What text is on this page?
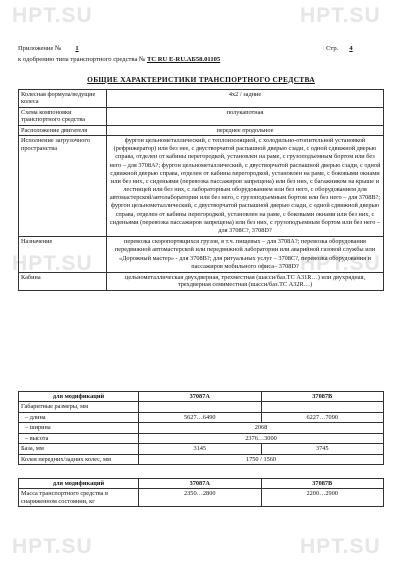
HPT.SU	HPT.SU
HPT.SU	HPT.SU
HPT.SU	HPT.SU
Приложение № 1	Стр. 4
к одобрению типа транспортного средства № ТС RU E-RU.АБ58.01105
ОБЩИЕ ХАРАКТЕРИСТИКИ ТРАНСПОРТНОГО СРЕДСТВА
Колесная формула/ведущие колеса	4x2 / задние
Схема компоновки транспортного средства	полукапотная
Расположение двигателя	переднее продольное
Исполнение загрузочного пространства	фургон цельнометаллический, с теплоизоляцией, с холодильно-отопительной установкой (рефрижератор) или без нее, с двустворчатой распашной дверью сзади, с одной сдвижной дверью справа, отделен от кабины перегородкой, установлен на раме, с грузоподъемным бортом или без него – для 3708А?; фургон цельнометаллический, с двустворчатой распашной дверью сзади, с одной сдвижной дверью справа, отделен от кабины перегородкой, установлен на раме, с боковыми окнами или без них, с сиденьями (перевозка пассажиров запрещена) или без них, с багажником на крыше и лестницей или без них, с лабораторным оборудованием или без него, с оборудованием для автомастерской/автолаборатории или без него, с грузоподъемным бортом или без него – для 3708В?; фургон цельнометаллический, с двустворчатой распашной дверью сзади, с одной сдвижной дверью справа, отделен от кабины перегородкой, установлен на раме, с боковыми окнами или без них, с сиденьями (перевозка пассажиров запрещена) или без них, с грузоподъемным бортом или без него – для 3708С?, 3708D?
Назначение	перевозка скоропортящихся грузов, в т.ч. пищевых – для 3708А?; перевозка оборудования передвижной автомастерской или передвижной лаборатории или аварийной газовой службы или «Дорожный мастер» - для 3708В?; для ритуальных услуг – 3708С?, перевозка оборудования и пассажиров мобильного офиса– 3708D?
Кабина	цельнометаллическая двухдверная, трехместная (шасси/баз.ТС А31R…) или двухрядная, трехдверная семиместная (шасси/баз.ТС А32R…)
для модификаций	37087А	37087В
Габаритные размеры, мм		
– длина	5627…6490	6227…7090
– ширина	2068	
– высота	2376…3000	
База, мм	3145	3745
Колея передних/задних колес, мм	1750 / 1560	
для модификаций	37087А	37087В
Масса транспортного средства в снаряженном состоянии, кг	2350…2800	2200…2900
